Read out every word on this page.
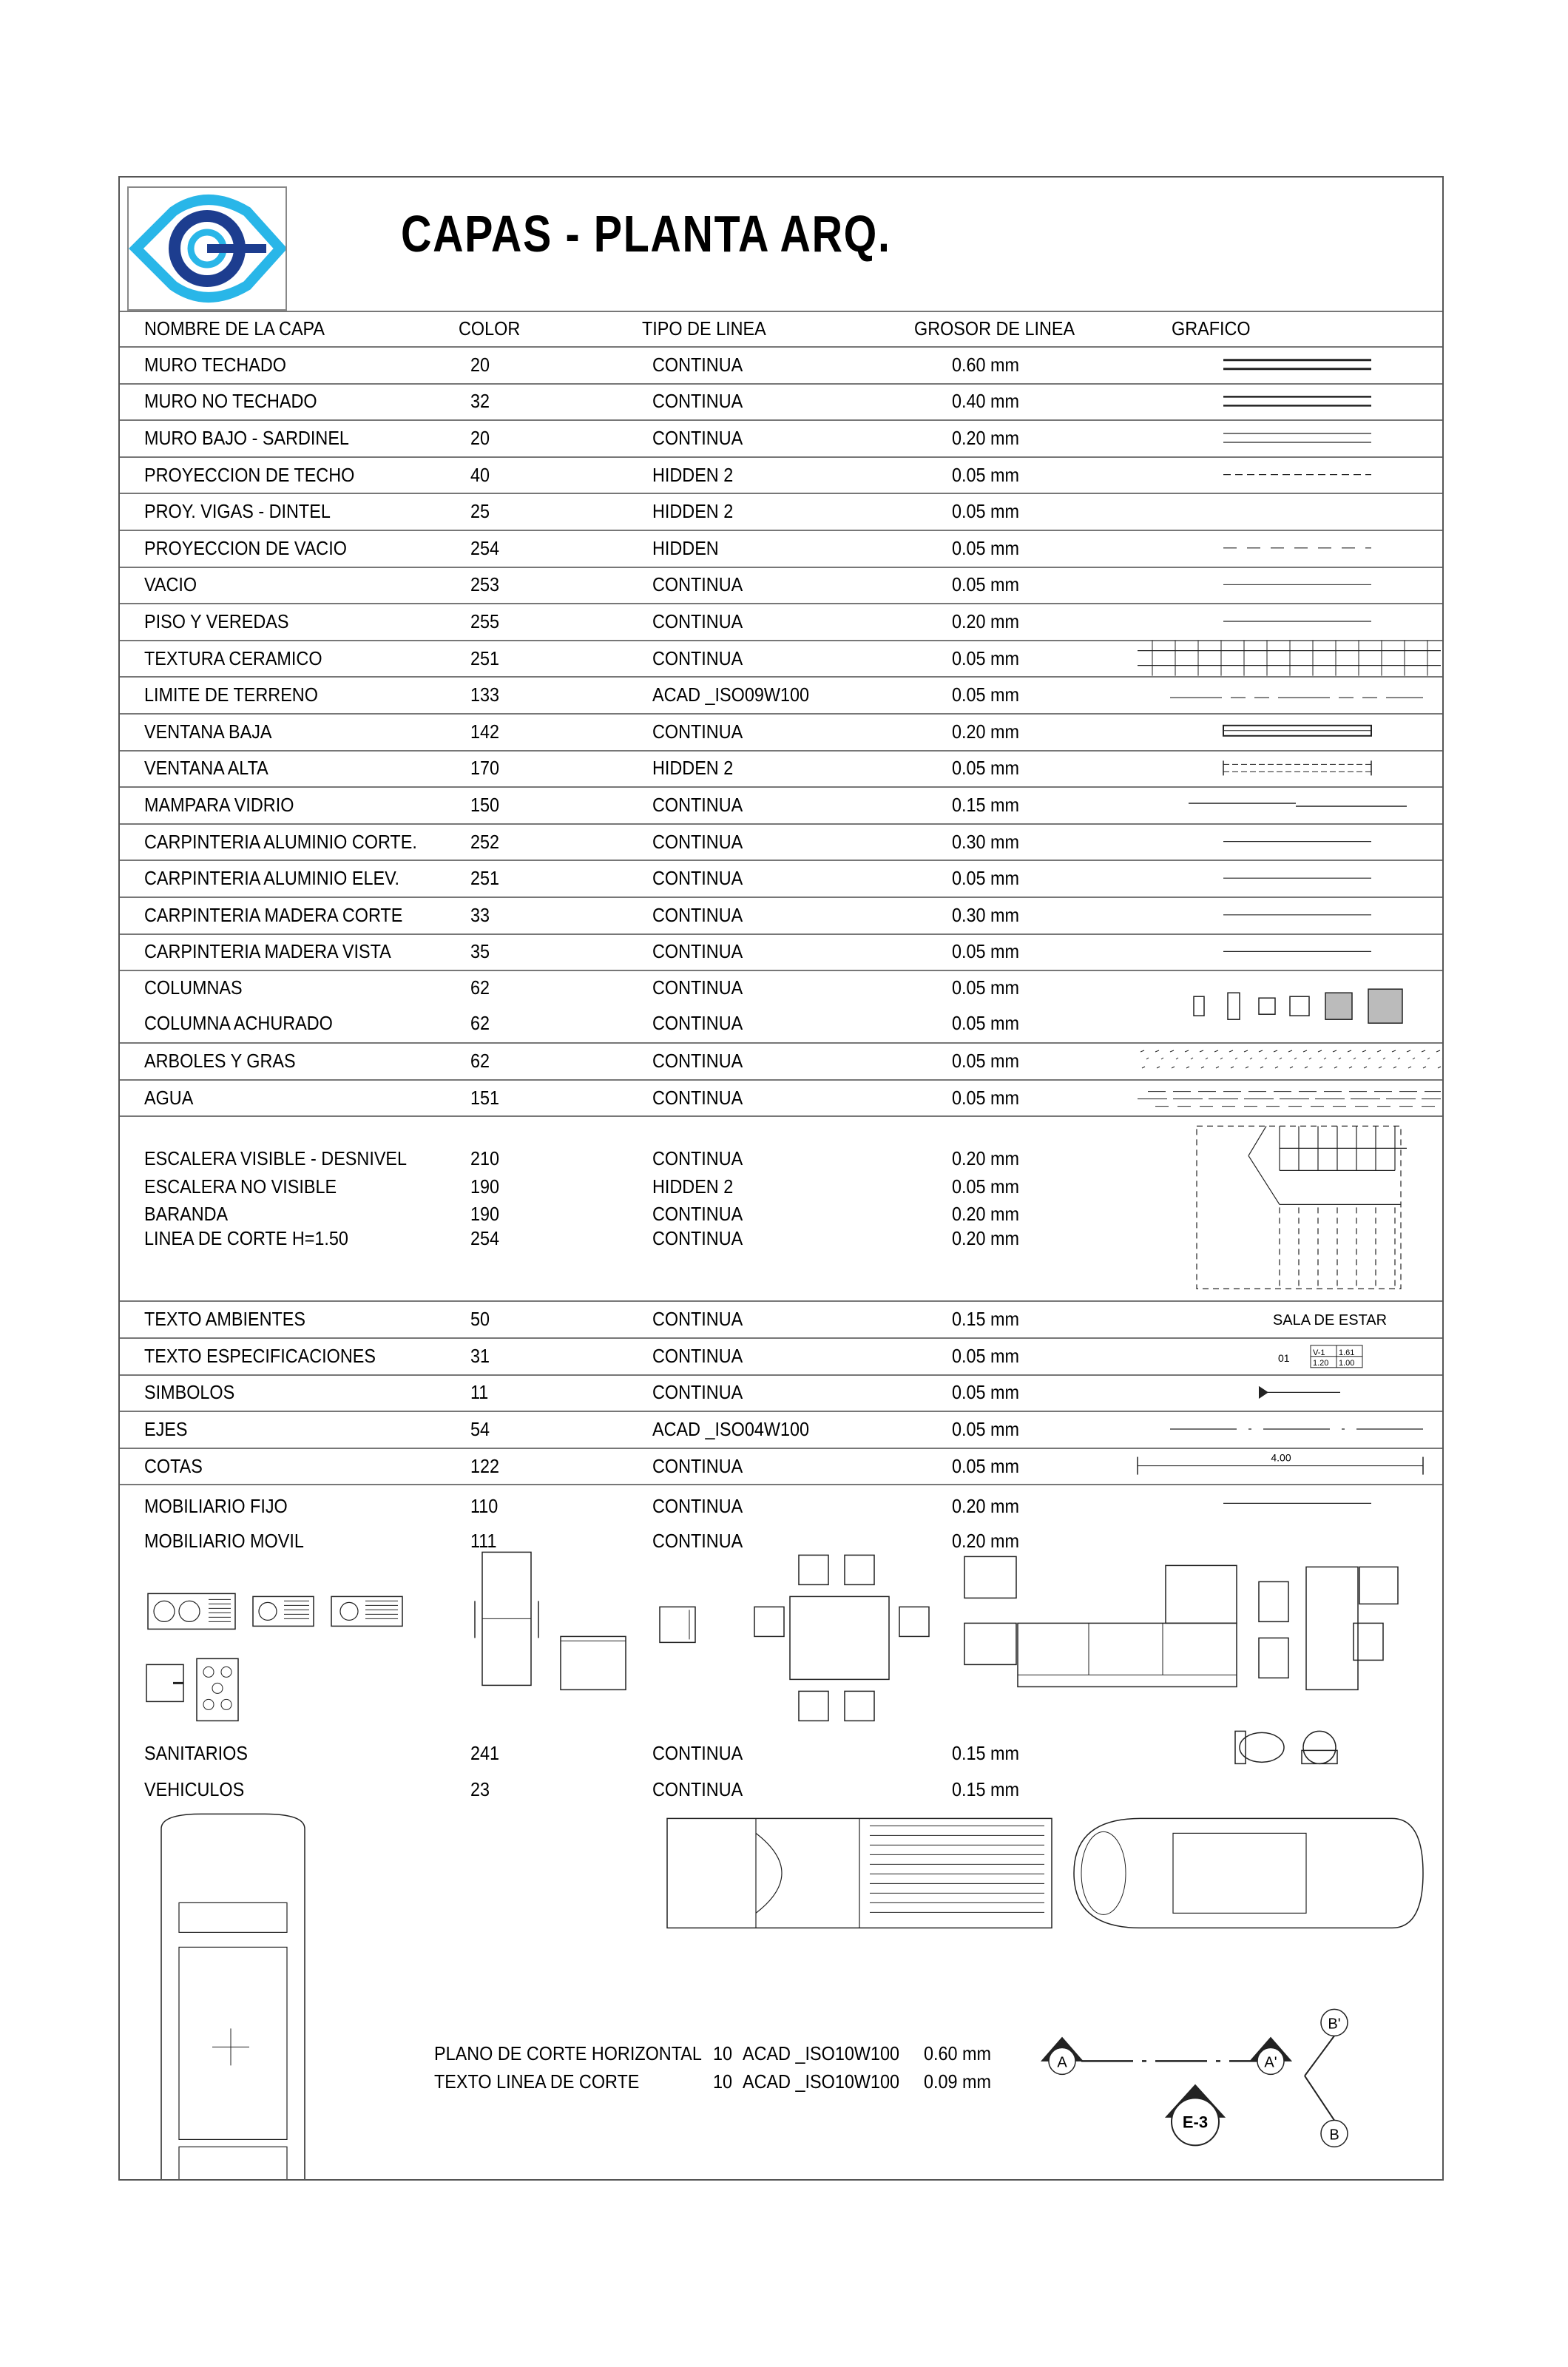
CAPAS - PLANTA ARQ.
NOMBRE DE LA CAPA	COLOR	TIPO DE LINEA	GROSOR DE LINEA	GRAFICO
MURO TECHADO	20	CONTINUA	0.60 mm
MURO NO TECHADO	32	CONTINUA	0.40 mm
MURO BAJO - SARDINEL	20	CONTINUA	0.20 mm
PROYECCION DE TECHO	40	HIDDEN 2	0.05 mm
PROY. VIGAS - DINTEL	25	HIDDEN 2	0.05 mm
PROYECCION DE VACIO	254	HIDDEN	0.05 mm
VACIO	253	CONTINUA	0.05 mm
PISO Y VEREDAS	255	CONTINUA	0.20 mm
TEXTURA CERAMICO	251	CONTINUA	0.05 mm
LIMITE DE TERRENO	133	ACAD _ISO09W100	0.05 mm
VENTANA BAJA	142	CONTINUA	0.20 mm
VENTANA ALTA	170	HIDDEN 2	0.05 mm
MAMPARA VIDRIO	150	CONTINUA	0.15 mm
CARPINTERIA ALUMINIO CORTE.	252	CONTINUA	0.30 mm
CARPINTERIA ALUMINIO ELEV.	251	CONTINUA	0.05 mm
CARPINTERIA MADERA CORTE	33	CONTINUA	0.30 mm
CARPINTERIA MADERA VISTA	35	CONTINUA	0.05 mm
COLUMNAS	62	CONTINUA	0.05 mm
COLUMNA ACHURADO	62	CONTINUA	0.05 mm
ARBOLES Y GRAS	62	CONTINUA	0.05 mm
AGUA	151	CONTINUA	0.05 mm
ESCALERA VISIBLE - DESNIVEL	210	CONTINUA	0.20 mm
ESCALERA NO VISIBLE	190	HIDDEN 2	0.05 mm
BARANDA	190	CONTINUA	0.20 mm
LINEA DE CORTE H=1.50	254	CONTINUA	0.20 mm
TEXTO AMBIENTES	50	CONTINUA	0.15 mm
TEXTO ESPECIFICACIONES	31	CONTINUA	0.05 mm
SIMBOLOS	11	CONTINUA	0.05 mm
EJES	54	ACAD _ISO04W100	0.05 mm
COTAS	122	CONTINUA	0.05 mm
MOBILIARIO FIJO	110	CONTINUA	0.20 mm
MOBILIARIO MOVIL	111	CONTINUA	0.20 mm
SANITARIOS	241	CONTINUA	0.15 mm
VEHICULOS	23	CONTINUA	0.15 mm
PLANO DE CORTE HORIZONTAL 10 ACAD _ISO10W100 0.60 mm
TEXTO LINEA DE CORTE	10 ACAD _ISO10W100 0.09 mm
SALA DE ESTAR
01	V-1 1.61
1.20 1.00
4.00
A	A'
B'
B
E-3
